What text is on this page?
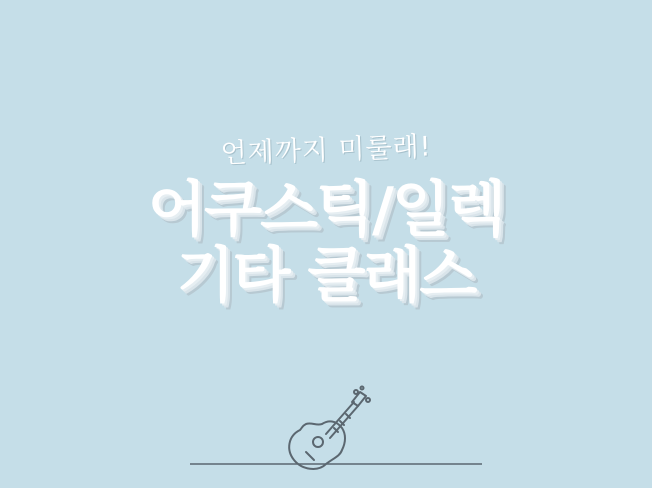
언제까지 미룰래!
어쿠스틱/일렉
기타 클래스
